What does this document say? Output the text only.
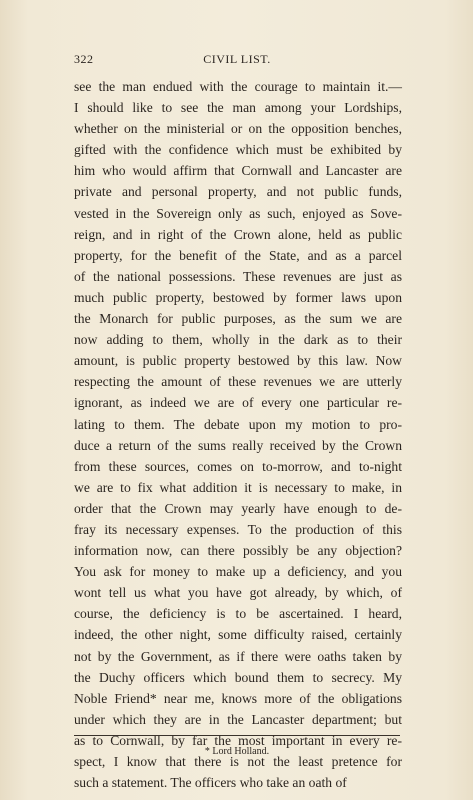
322	CIVIL LIST.
see the man endued with the courage to maintain it.—
I should like to see the man among your Lordships,
whether on the ministerial or on the opposition benches,
gifted with the confidence which must be exhibited by
him who would affirm that Cornwall and Lancaster are
private and personal property, and not public funds,
vested in the Sovereign only as such, enjoyed as Sove-
reign, and in right of the Crown alone, held as public
property, for the benefit of the State, and as a parcel
of the national possessions. These revenues are just as
much public property, bestowed by former laws upon
the Monarch for public purposes, as the sum we are
now adding to them, wholly in the dark as to their
amount, is public property bestowed by this law. Now
respecting the amount of these revenues we are utterly
ignorant, as indeed we are of every one particular re-
lating to them. The debate upon my motion to pro-
duce a return of the sums really received by the Crown
from these sources, comes on to-morrow, and to-night
we are to fix what addition it is necessary to make, in
order that the Crown may yearly have enough to de-
fray its necessary expenses. To the production of this
information now, can there possibly be any objection?
You ask for money to make up a deficiency, and you
wont tell us what you have got already, by which, of
course, the deficiency is to be ascertained. I heard,
indeed, the other night, some difficulty raised, certainly
not by the Government, as if there were oaths taken by
the Duchy officers which bound them to secrecy. My
Noble Friend* near me, knows more of the obligations
under which they are in the Lancaster department; but
as to Cornwall, by far the most important in every re-
spect, I know that there is not the least pretence for
such a statement. The officers who take an oath of
* Lord Holland.
